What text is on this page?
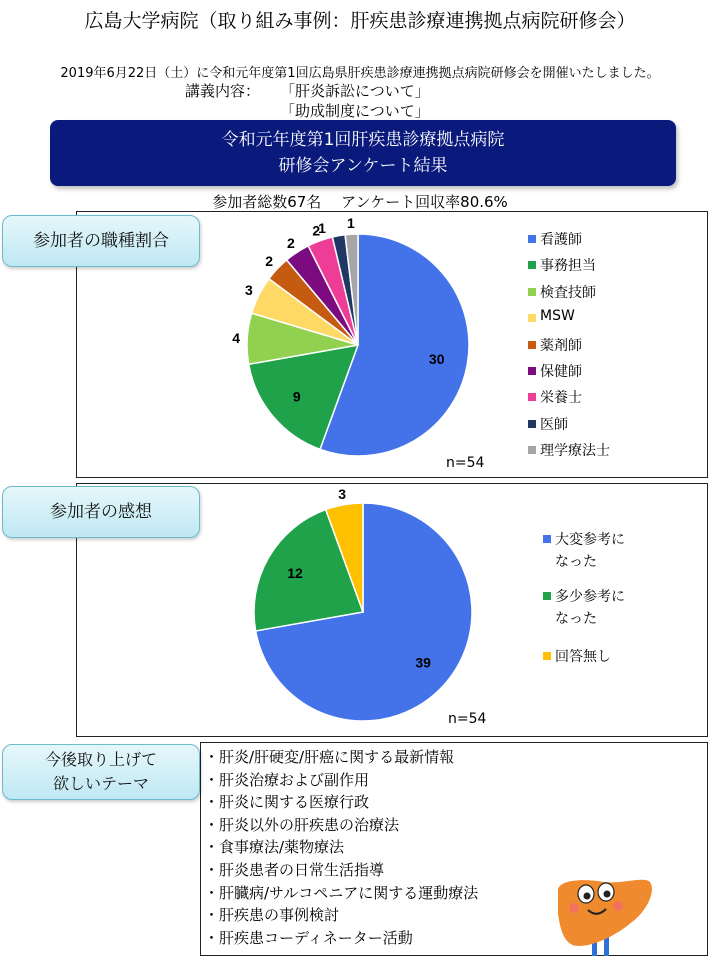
広島大学病院（取り組み事例：肝疾患診療連携拠点病院研修会）
2019年6月22日（土）に令和元年度第1回広島県肝疾患診療連携拠点病院研修会を開催いたしました。
講義内容： 「肝炎訴訟について」
「助成制度について」
令和元年度第1回肝疾患診療拠点病院
研修会アンケート結果
参加者総数67名　 アンケート回収率80.6%
参加者の職種割合
30
9
4
3
2
2
2
1 1
看護師
事務担当
検査技師
MSW
薬剤師
保健師
栄養士
医師
理学療法士
n=54
参加者の感想
39
12
3
大変参考に
なった
多少参考に
なった
回答無し
n=54
今後取り上げて
欲しいテーマ
・肝炎/肝硬変/肝癌に関する最新情報
・肝炎治療および副作用
・肝炎に関する医療行政
・肝炎以外の肝疾患の治療法
・食事療法/薬物療法
・肝炎患者の日常生活指導
・肝臓病/サルコペニアに関する運動療法
・肝疾患の事例検討
・肝疾患コーディネーター活動
